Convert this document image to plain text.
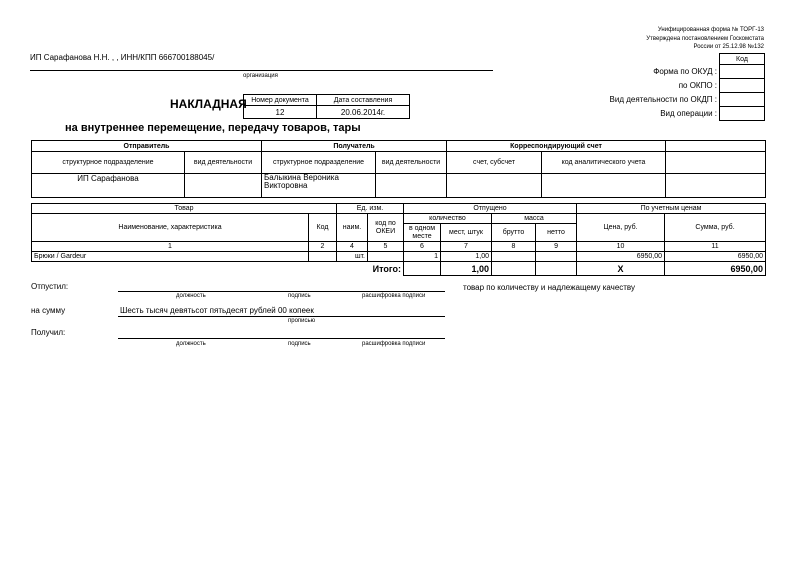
Унифицированная форма № ТОРГ-13
Утверждена постановлением Госкомстата
России от 25.12.98 №132
ИП Сарафанова Н.Н. , , ИНН/КПП 666700188045/
организация
Код

Форма по ОКУД :
по ОКПО :
Вид деятельности по ОКДП :
Вид операции :
НАКЛАДНАЯ Номер документа	Дата составления
12	20.06.2014г.
на внутреннее перемещение, передачу товаров, тары
Отправитель		Получатель		Корреспондирующий счет		
структурное подразделение	вид деятельности	структурное подразделение	вид деятельности	счет, субсчет	код аналитического учета	
ИП Сарафанова		Балыкина Вероника Викторовна				
Товар		Ед. изм.		Отпущено				По учетным ценам	
Наименование, характеристика	Код	наим.	код по ОКЕИ	количество		масса		Цена, руб.	Сумма, руб.
				в одном месте	мест, штук	брутто	нетто		
1	2	4	5	6	7	8	9	10	11
Брюки / Gardeur		шт.		1	1,00			6950,00	6950,00
Итого:					1,00			X	6950,00
Отпустил:
должность	подпись	расшифровка подписи
товар по количеству и надлежащему качеству
на сумму	Шесть тысяч девятьсот пятьдесят рублей 00 копеек
прописью
Получил:
должность	подпись	расшифровка подписи
